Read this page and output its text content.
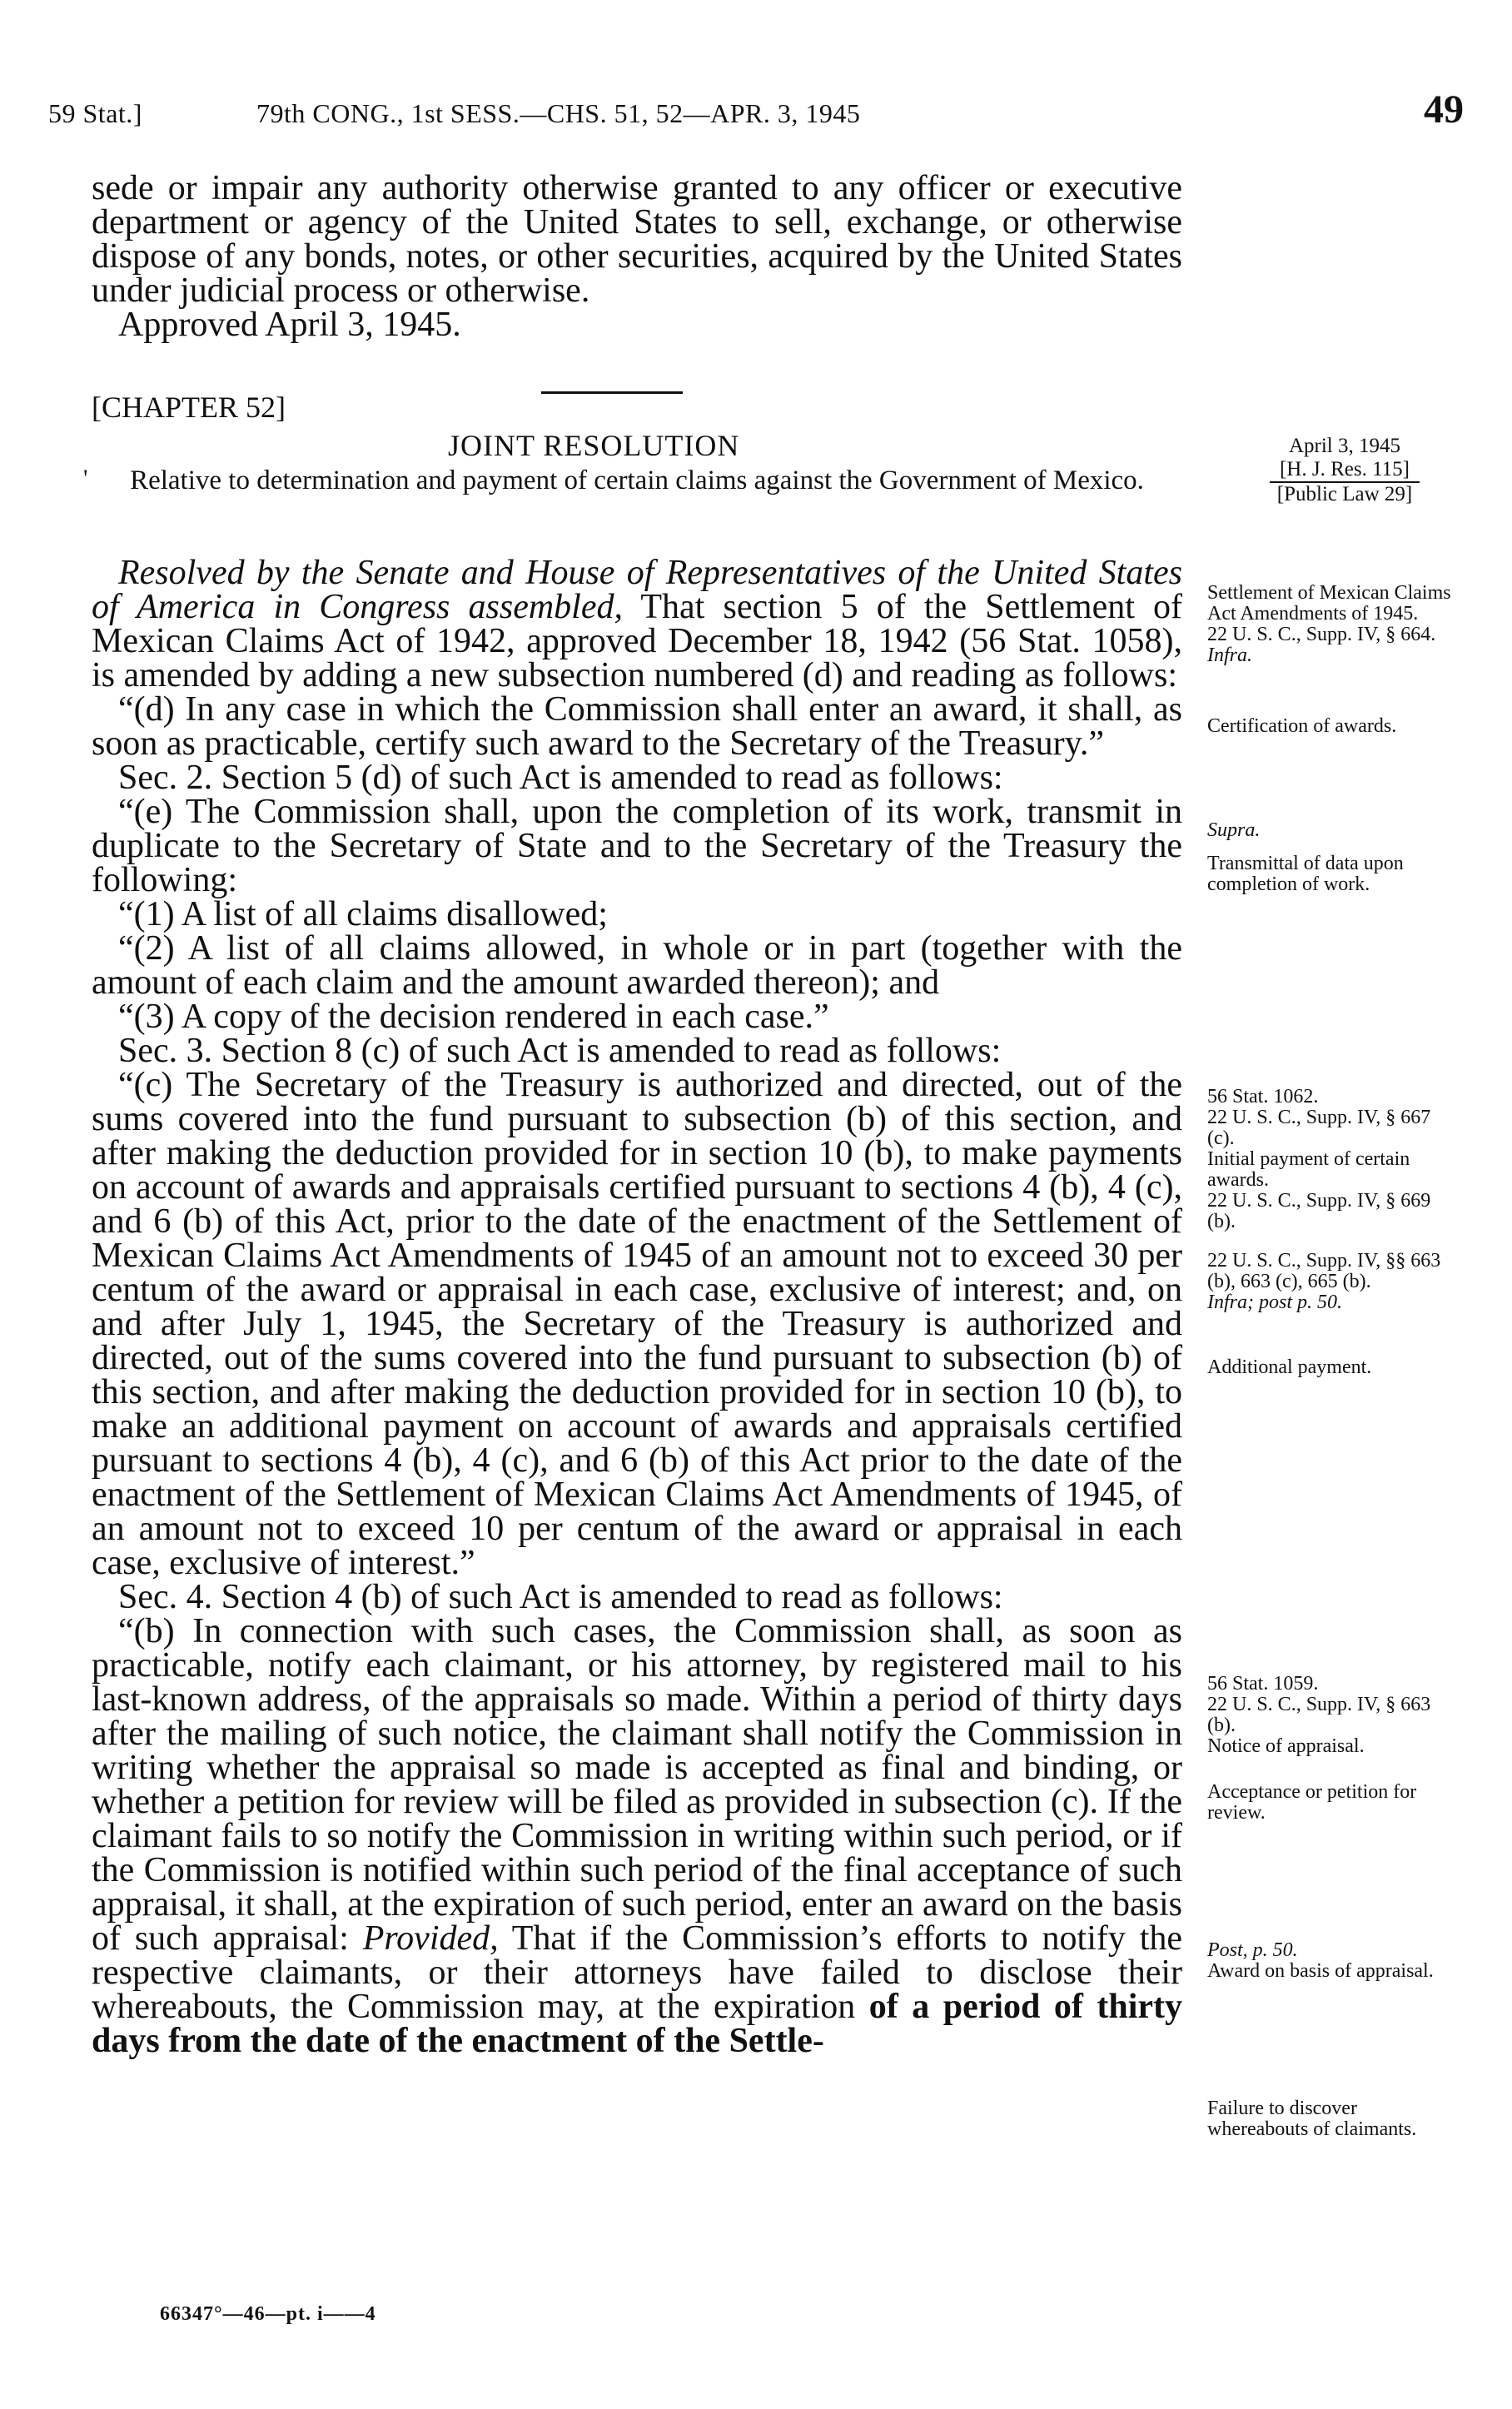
59 Stat.]	79th CONG., 1st SESS.—CHS. 51, 52—APR. 3, 1945	49

sede or impair any authority otherwise granted to any officer or executive department or agency of the United States to sell, exchange, or otherwise dispose of any bonds, notes, or other securities, acquired by the United States under judicial process or otherwise.

Approved April 3, 1945.

[CHAPTER 52]
JOINT RESOLUTION
'	Relative to determination and payment of certain claims against the Government of Mexico.
April 3, 1945
[H. J. Res. 115]
[Public Law 29]

Resolved by the Senate and House of Representatives of the United States of America in Congress assembled, That section 5 of the Settlement of Mexican Claims Act of 1942, approved December 18, 1942 (56 Stat. 1058), is amended by adding a new subsection numbered (d) and reading as follows:

“(d) In any case in which the Commission shall enter an award, it shall, as soon as practicable, certify such award to the Secretary of the Treasury.”

Sec. 2. Section 5 (d) of such Act is amended to read as follows:

“(e) The Commission shall, upon the completion of its work, transmit in duplicate to the Secretary of State and to the Secretary of the Treasury the following:

“(1) A list of all claims disallowed;

“(2) A list of all claims allowed, in whole or in part (together with the amount of each claim and the amount awarded thereon); and

“(3) A copy of the decision rendered in each case.”

Sec. 3. Section 8 (c) of such Act is amended to read as follows:

“(c) The Secretary of the Treasury is authorized and directed, out of the sums covered into the fund pursuant to subsection (b) of this section, and after making the deduction provided for in section 10 (b), to make payments on account of awards and appraisals certified pursuant to sections 4 (b), 4 (c), and 6 (b) of this Act, prior to the date of the enactment of the Settlement of Mexican Claims Act Amendments of 1945 of an amount not to exceed 30 per centum of the award or appraisal in each case, exclusive of interest; and, on and after July 1, 1945, the Secretary of the Treasury is authorized and directed, out of the sums covered into the fund pursuant to subsection (b) of this section, and after making the deduction provided for in section 10 (b), to make an additional payment on account of awards and appraisals certified pursuant to sections 4 (b), 4 (c), and 6 (b) of this Act prior to the date of the enactment of the Settlement of Mexican Claims Act Amendments of 1945, of an amount not to exceed 10 per centum of the award or appraisal in each case, exclusive of interest.”

Sec. 4. Section 4 (b) of such Act is amended to read as follows:

“(b) In connection with such cases, the Commission shall, as soon as practicable, notify each claimant, or his attorney, by registered mail to his last-known address, of the appraisals so made. Within a period of thirty days after the mailing of such notice, the claimant shall notify the Commission in writing whether the appraisal so made is accepted as final and binding, or whether a petition for review will be filed as provided in subsection (c). If the claimant fails to so notify the Commission in writing within such period, or if the Commission is notified within such period of the final acceptance of such appraisal, it shall, at the expiration of such period, enter an award on the basis of such appraisal: Provided, That if the Commission’s efforts to notify the respective claimants, or their attorneys have failed to disclose their whereabouts, the Commission may, at the expiration of a period of thirty days from the date of the enactment of the Settle-

Settlement of Mexican Claims Act Amendments of 1945.

22 U. S. C., Supp. IV, § 664.

Infra.

Certification of awards.
Supra.
Transmittal of data upon completion of work.

56 Stat. 1062.

22 U. S. C., Supp. IV, § 667 (c).

Initial payment of certain awards.

22 U. S. C., Supp. IV, § 669 (b).

22 U. S. C., Supp. IV, §§ 663 (b), 663 (c), 665 (b).

Infra; post p. 50.

Additional payment.

56 Stat. 1059.

22 U. S. C., Supp. IV, § 663 (b).

Notice of appraisal.

Acceptance or petition for review.

Post, p. 50.

Award on basis of appraisal.

Failure to discover whereabouts of claimants.
66347°—46—pt. i——4
